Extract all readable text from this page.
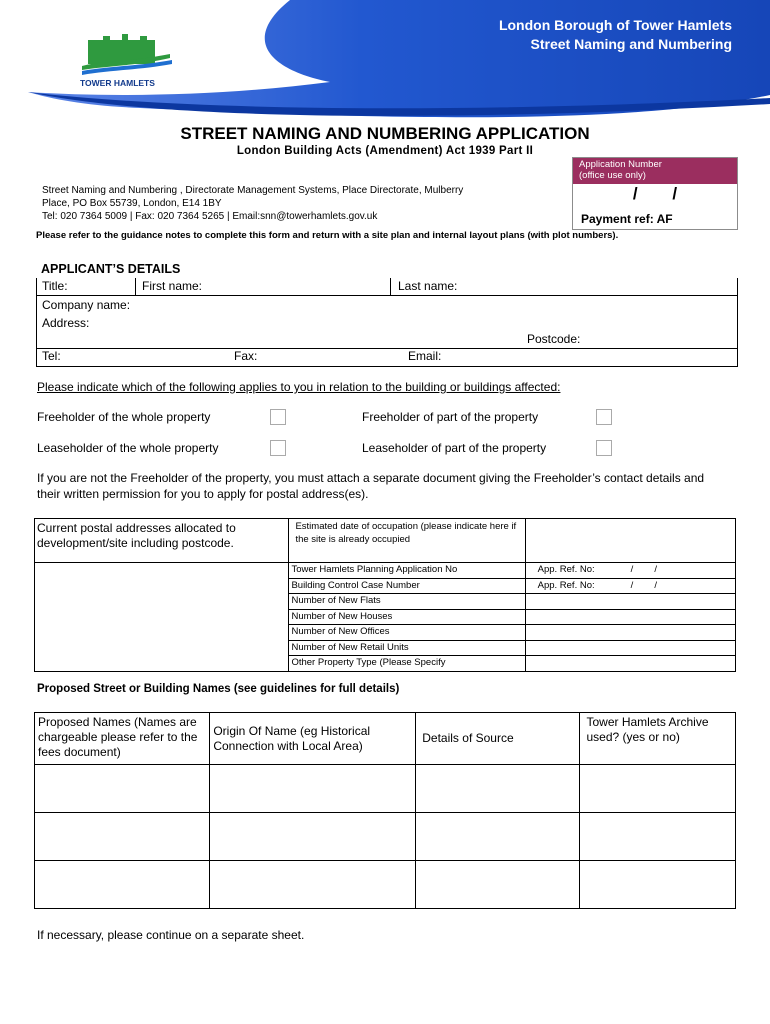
TOWER HAMLETS
London Borough of Tower Hamlets
Street Naming and Numbering
STREET NAMING AND NUMBERING APPLICATION
London Building Acts (Amendment) Act 1939 Part II
Street Naming and Numbering , Directorate Management Systems, Place Directorate, Mulberry
Place, PO Box 55739, London, E14 1BY
Tel: 020 7364 5009 | Fax: 020 7364 5265 | Email:snn@towerhamlets.gov.uk
Application Number
(office use only)
/ /
Payment ref: AF
Please refer to the guidance notes to complete this form and return with a site plan and internal layout plans (with plot numbers).
APPLICANT’S DETAILS
Title:	First name:	Last name:
Company name:
Address:
Postcode:
Tel:	Fax:	Email:
Please indicate which of the following applies to you in relation to the building or buildings affected:
Freeholder of the whole property	Freeholder of part of the property
Leaseholder of the whole property	Leaseholder of part of the property
If you are not the Freeholder of the property, you must attach a separate document giving the Freeholder’s contact details and their written permission for you to apply for postal address(es).
Current postal addresses allocated to development/site including postcode.	Estimated date of occupation (please indicate here if the site is already occupied	
	Tower Hamlets Planning Application No	App. Ref. No: /        /
	Building Control Case Number	App. Ref. No: /        /
	Number of New Flats	
	Number of New Houses	
	Number of New Offices	
	Number of New Retail Units	
	Other Property Type (Please Specify	
Proposed Street or Building Names (see guidelines for full details)
Proposed Names (Names are chargeable please refer to the fees document)	Origin Of Name (eg Historical Connection with Local Area)	Details of Source	Tower Hamlets Archive used? (yes or no)

If necessary, please continue on a separate sheet.
